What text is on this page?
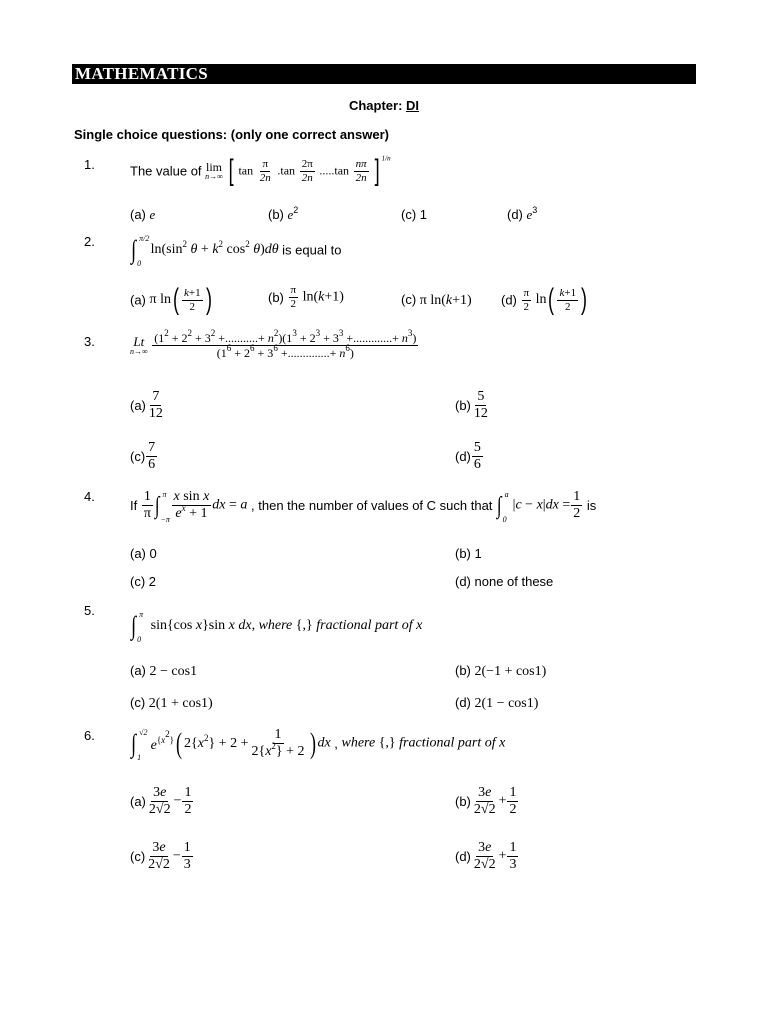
MATHEMATICS
Chapter: DI
Single choice questions: (only one correct answer)
1.	The value of lim
n→∞ [ $\tan \frac{\pi}{2n} .\tan \frac{2\pi}{2n} .....\tan \frac{n\pi}{2n}$ ] $^{1/n}$
(a) e	(b) $e^2$	(c) 1	(d) $e^3$
2. ∫ π/2
0
$\ln(\sin^2$ $\theta + k^2$ $\cos^2 \theta)d\theta$ is equal to
(a) π $\ln( \frac{k+1}{2}$ )	$(b) \frac{\pi}{2} \ln(k+1)$	(c) π ln(k+1) $(d) \frac{\pi}{2} \ln( \frac{k+1}{2}$ )
3.	Lt
n→∞

($1^2 + 2^2 + 3^2$ +...........+ $n^2)(1^3 + 2^3 + 3^3$ +.............+ $n^3$)
($1^6 + 2^6 + 3^6$ +..............+ $n^6$)
$(a) \frac{7}{12}$	$(b) \frac{5}{12}$
$(c) \frac{7}{6}$	$(d) \frac{5}{6}$
4.
If $\frac{1}{\pi}$ ∫ π
$-\pi \frac{\text{x sin x}}{e^x + 1}$ dx = a , then the number of values of C such that ∫ a
0
$|c - x|dx = \frac{1}{2}$ is
(a) 0	(b) 1
(c) 2	(d) none of these
5.
∫ π
0
sin{cos x}sin x dx, where {,} fractional part of x
(a) 2 − cos1	(b) 2(−1 + cos1)
(c) 2(1 + cos1)	(d) 2(1 − cos1)
6. ∫ √2
1
$e^{\{x^2\}}$( $2\{x^2\} + 2 + \frac{1}{2\{x^2\} + 2}$ ) dx , where {,} fractional part of x
$(a) \frac{3e}{2√2} - \frac{1}{2}$	$(b) \frac{3e}{2√2} + \frac{1}{2}$
$(c) \frac{3e}{2√2} - \frac{1}{3}$	$(d) \frac{3e}{2√2} + \frac{1}{3}$
